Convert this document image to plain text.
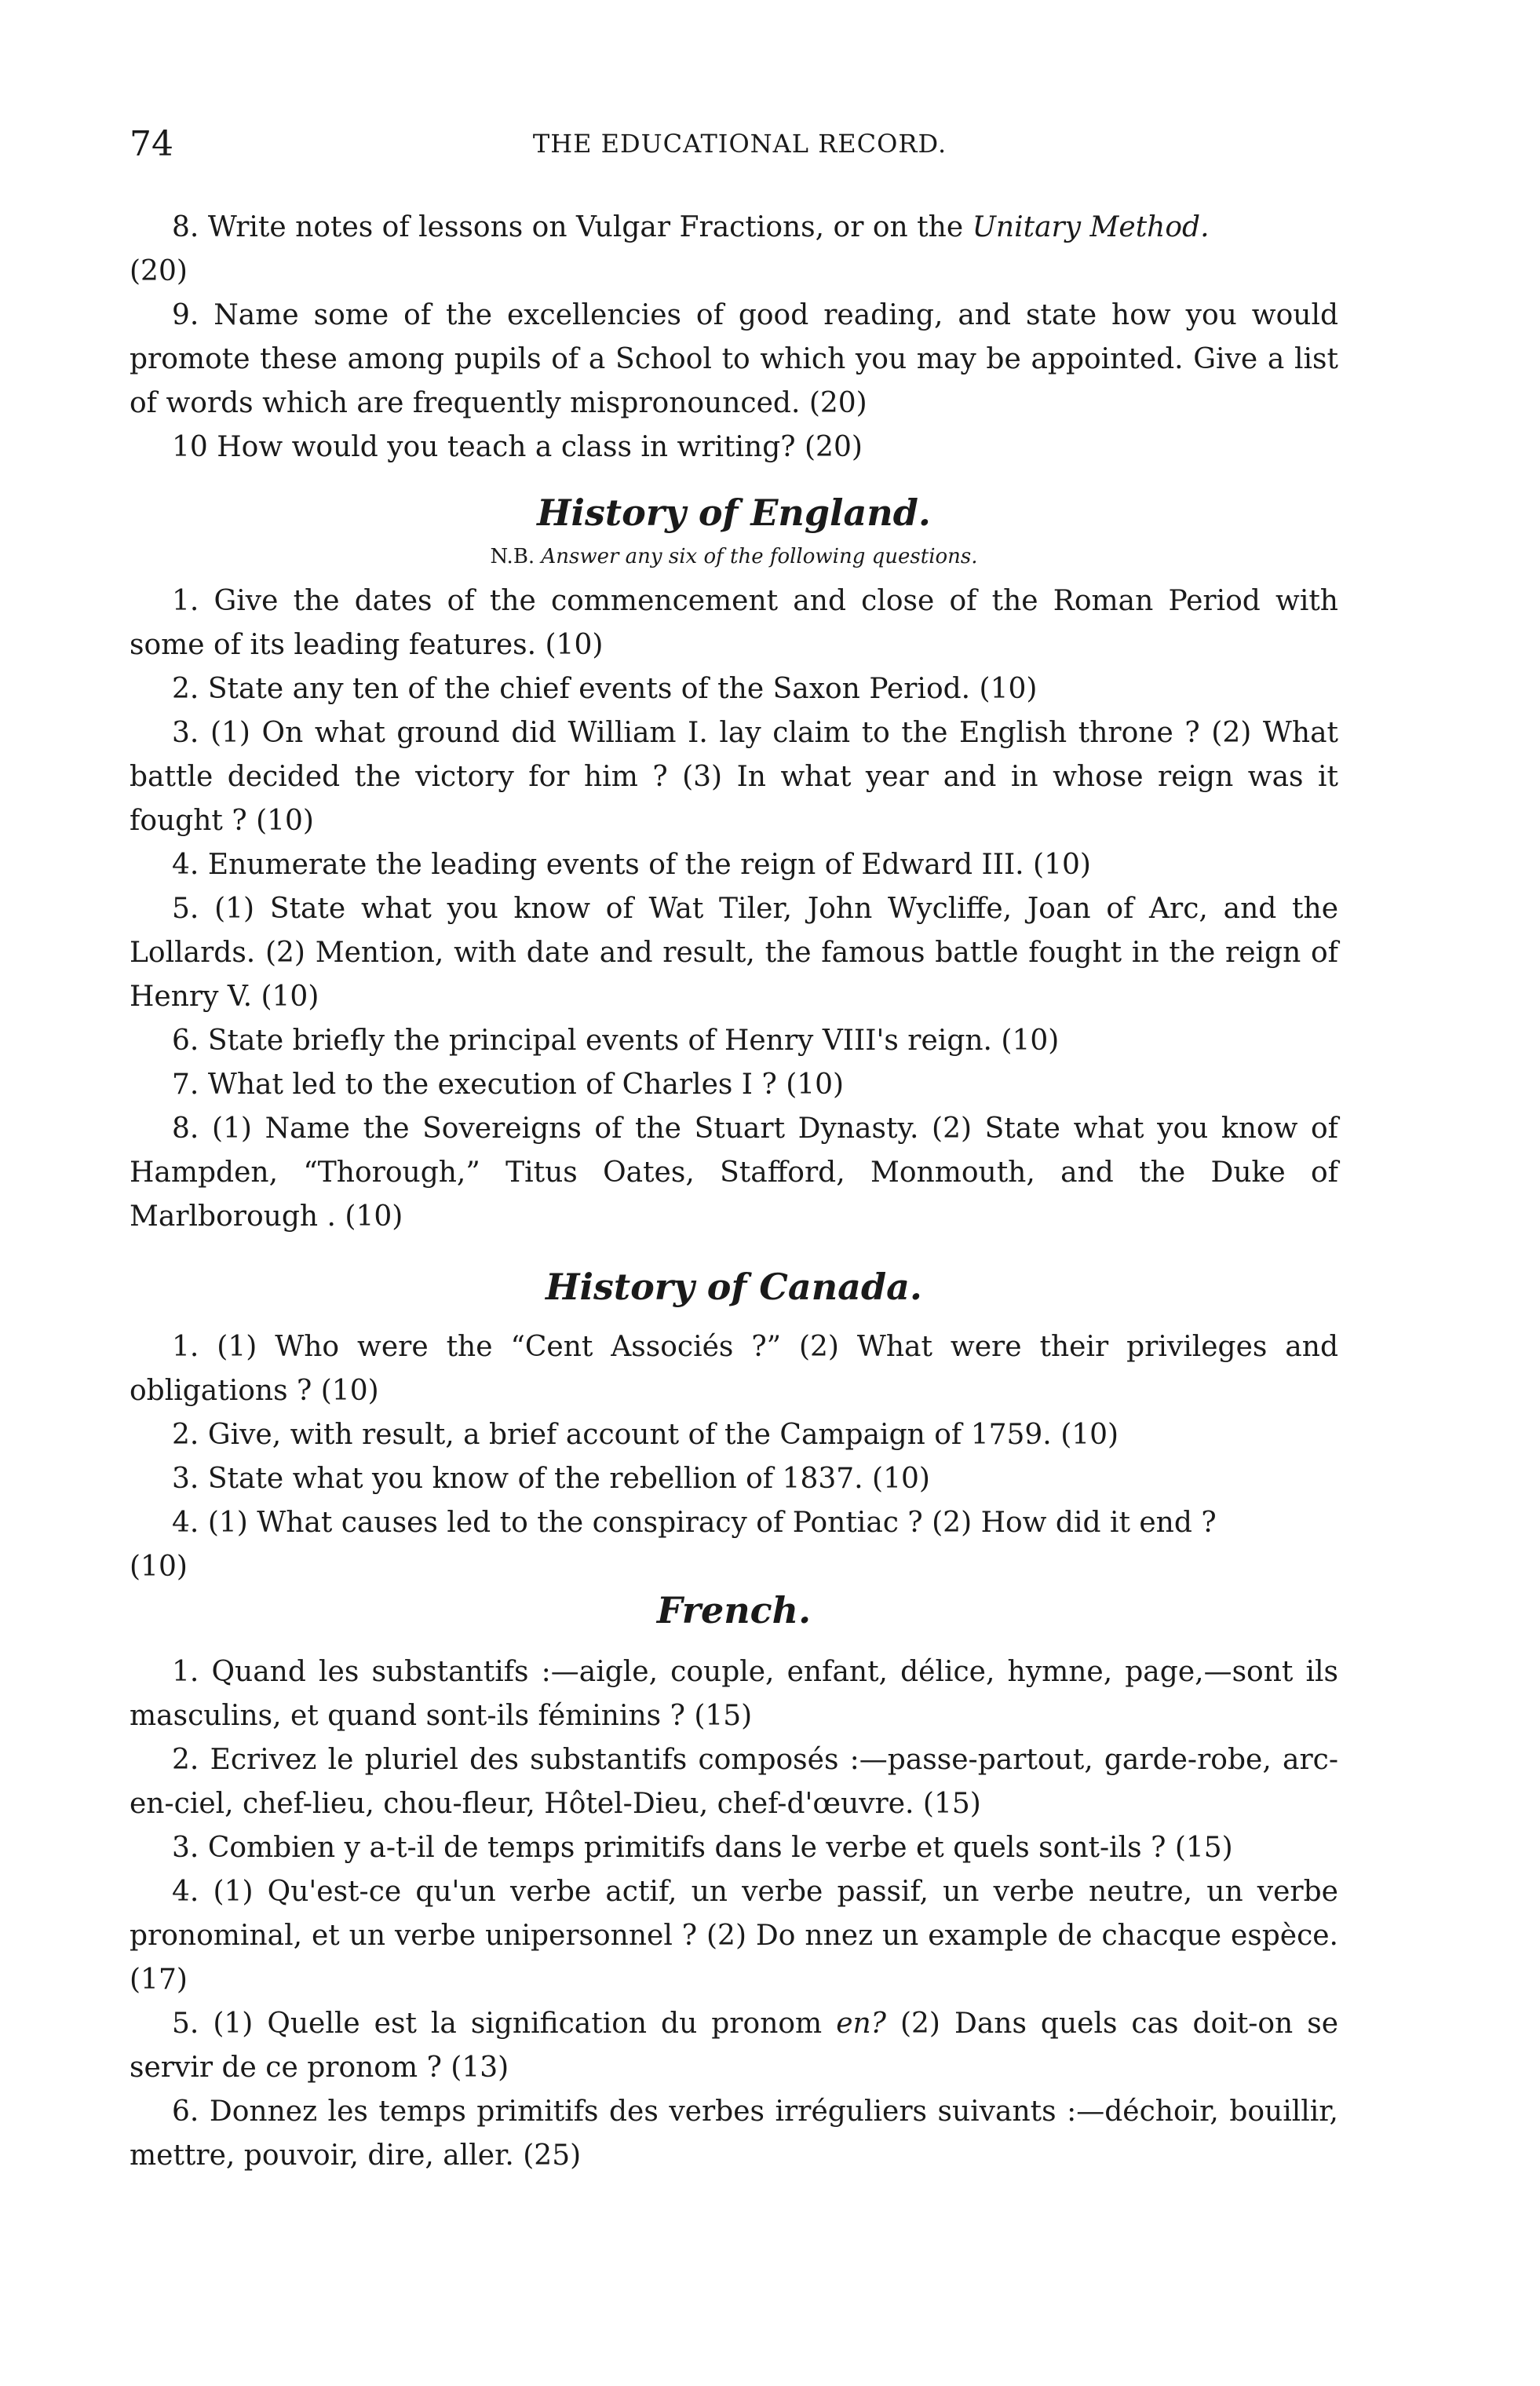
74	THE EDUCATIONAL RECORD.

8. Write notes of lessons on Vulgar Fractions, or on the Unitary Method.

(20)

9. Name some of the excellencies of good reading, and state how you would promote these among pupils of a School to which you may be appointed. Give a list of words which are frequently mispronounced. (20)

10 How would you teach a class in writing? (20)

History of England.

N.B. Answer any six of the following questions.

1. Give the dates of the commencement and close of the Roman Period with some of its leading features. (10)

2. State any ten of the chief events of the Saxon Period. (10)

3. (1) On what ground did William I. lay claim to the English throne ? (2) What battle decided the victory for him ? (3) In what year and in whose reign was it fought ? (10)

4. Enumerate the leading events of the reign of Edward III. (10)

5. (1) State what you know of Wat Tiler, John Wycliffe, Joan of Arc, and the Lollards. (2) Mention, with date and result, the famous battle fought in the reign of Henry V. (10)

6. State briefly the principal events of Henry VIII's reign. (10)

7. What led to the execution of Charles I ? (10)

8. (1) Name the Sovereigns of the Stuart Dynasty. (2) State what you know of Hampden, “Thorough,” Titus Oates, Stafford, Monmouth, and the Duke of Marlborough . (10)

History of Canada.

1. (1) Who were the “Cent Associés ?” (2) What were their privileges and obligations ? (10)

2. Give, with result, a brief account of the Campaign of 1759. (10)

3. State what you know of the rebellion of 1837. (10)

4. (1) What causes led to the conspiracy of Pontiac ? (2) How did it end ?

(10)

French.

1. Quand les substantifs :—aigle, couple, enfant, délice, hymne, page,—sont ils masculins, et quand sont-ils féminins ? (15)

2. Ecrivez le pluriel des substantifs composés :—passe-partout, garde-robe, arc-en-ciel, chef-lieu, chou-fleur, Hôtel-Dieu, chef-d'œuvre. (15)

3. Combien y a-t-il de temps primitifs dans le verbe et quels sont-ils ? (15)

4. (1) Qu'est-ce qu'un verbe actif, un verbe passif, un verbe neutre, un verbe pronominal, et un verbe unipersonnel ? (2) Do nnez un example de chacque espèce. (17)

5. (1) Quelle est la signification du pronom en? (2) Dans quels cas doit-on se servir de ce pronom ? (13)

6. Donnez les temps primitifs des verbes irréguliers suivants :—déchoir, bouillir, mettre, pouvoir, dire, aller. (25)
